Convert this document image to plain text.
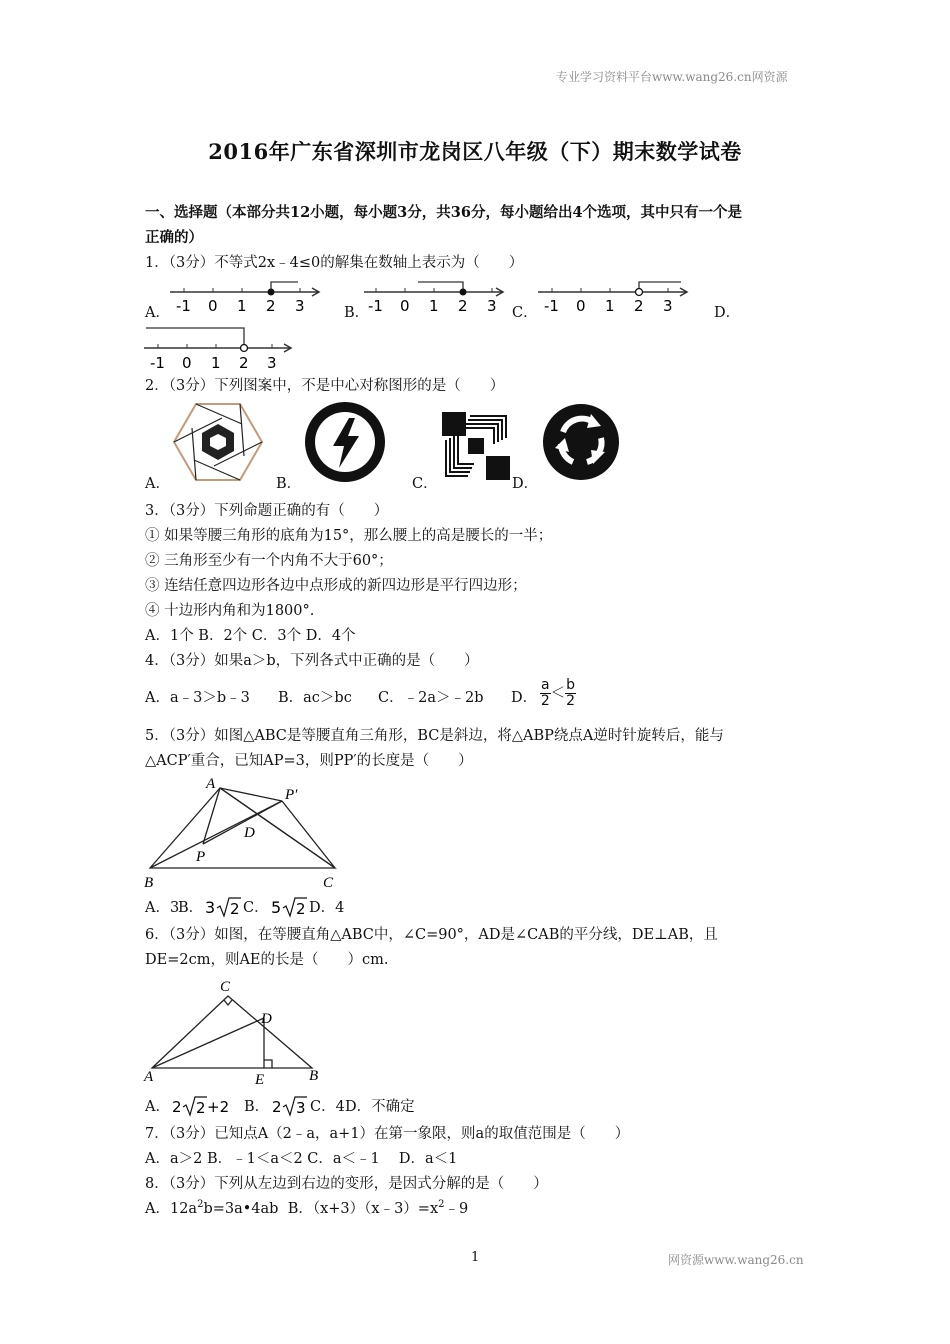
专业学习资料平台www.wang26.cn网资源
2016年广东省深圳市龙岗区八年级（下）期末数学试卷
一、选择题（本部分共12小题，每小题3分，共36分，每小题给出4个选项，其中只有一个是
正确的）
1．（3分）不等式2x﹣4≤0的解集在数轴上表示为（　　）
A．	B．	C．	D．
-1 0 1 2 3	-1 0 1 2 3	-1 0 1 2 3
-1 0 1 2 3
2．（3分）下列图案中，不是中心对称图形的是（　　）
A．	B．	C．	D．
3．（3分）下列命题正确的有（　　）
① 如果等腰三角形的底角为15°，那么腰上的高是腰长的一半；
② 三角形至少有一个内角不大于60°；
③ 连结任意四边形各边中点形成的新四边形是平行四边形；
④ 十边形内角和为1800°.
A．1个 B．2个 C．3个 D．4个
4．（3分）如果a＞b，下列各式中正确的是（　　）
A．a﹣3＞b﹣3 B．ac＞bc C．﹣2a＞﹣2b D． $\frac{a}{2} < \frac{b}{2}$
5．（3分）如图△ABC是等腰直角三角形，BC是斜边，将△ABP绕点A逆时针旋转后，能与
△ACP′重合，已知AP=3，则PP′的长度是（　　）
A
P′
D
P
B	C
A．3
B． 3 2 C． 5 2 D．4
6．（3分）如图，在等腰直角△ABC中，∠C=90°，AD是∠CAB的平分线，DE⊥AB，且
DE=2cm，则AE的长是（　　）cm.
C
D
A	E	B
A． 2 2 +2 B． 2 3 C．4 D．不确定
7．（3分）已知点A（2﹣a，a+1）在第一象限，则a的取值范围是（　　）
A．a＞2 B．﹣1＜a＜2 C．a＜﹣1　 D．a＜1
8．（3分）下列从左边到右边的变形，是因式分解的是（　　）
A．$12a^2b=3a•4ab$ B．$(x+3)(x﹣3)=x^2﹣9$
1	网资源www.wang26.cn
